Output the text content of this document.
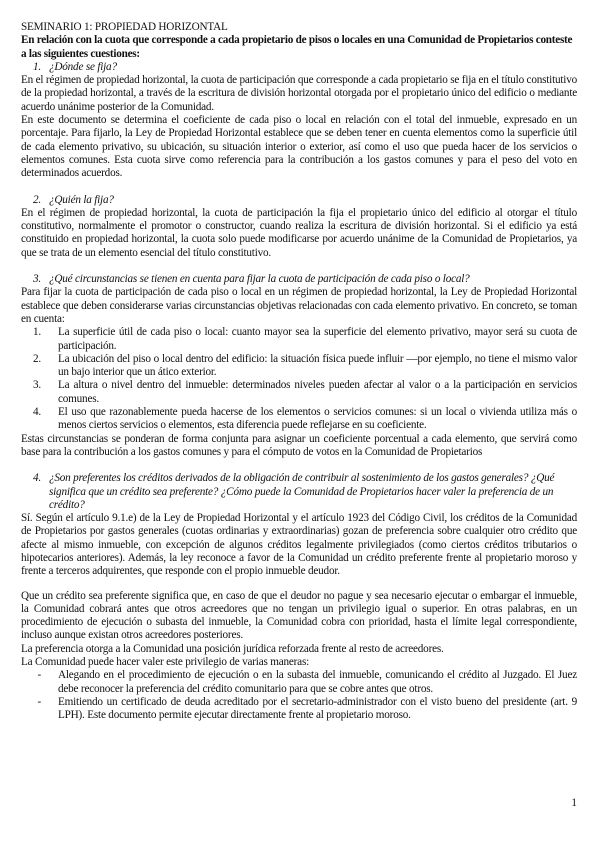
SEMINARIO 1: PROPIEDAD HORIZONTAL
En relación con la cuota que corresponde a cada propietario de pisos o locales en una Comunidad de Propietarios conteste a las siguientes cuestiones:
1. ¿Dónde se fija?
En el régimen de propiedad horizontal, la cuota de participación que corresponde a cada propietario se fija en el título constitutivo de la propiedad horizontal, a través de la escritura de división horizontal otorgada por el propietario único del edificio o mediante acuerdo unánime posterior de la Comunidad.
En este documento se determina el coeficiente de cada piso o local en relación con el total del inmueble, expresado en un porcentaje. Para fijarlo, la Ley de Propiedad Horizontal establece que se deben tener en cuenta elementos como la superficie útil de cada elemento privativo, su ubicación, su situación interior o exterior, así como el uso que pueda hacer de los servicios o elementos comunes. Esta cuota sirve como referencia para la contribución a los gastos comunes y para el peso del voto en determinados acuerdos.
2. ¿Quién la fija?
En el régimen de propiedad horizontal, la cuota de participación la fija el propietario único del edificio al otorgar el título constitutivo, normalmente el promotor o constructor, cuando realiza la escritura de división horizontal. Si el edificio ya está constituido en propiedad horizontal, la cuota solo puede modificarse por acuerdo unánime de la Comunidad de Propietarios, ya que se trata de un elemento esencial del título constitutivo.
3. ¿Qué circunstancias se tienen en cuenta para fijar la cuota de participación de cada piso o local?
Para fijar la cuota de participación de cada piso o local en un régimen de propiedad horizontal, la Ley de Propiedad Horizontal establece que deben considerarse varias circunstancias objetivas relacionadas con cada elemento privativo. En concreto, se toman en cuenta:
1.	La superficie útil de cada piso o local: cuanto mayor sea la superficie del elemento privativo, mayor será su cuota de participación.
2.	La ubicación del piso o local dentro del edificio: la situación física puede influir —por ejemplo, no tiene el mismo valor un bajo interior que un ático exterior.
3.	La altura o nivel dentro del inmueble: determinados niveles pueden afectar al valor o a la participación en servicios comunes.
4.	El uso que razonablemente pueda hacerse de los elementos o servicios comunes: si un local o vivienda utiliza más o menos ciertos servicios o elementos, esta diferencia puede reflejarse en su coeficiente.
Estas circunstancias se ponderan de forma conjunta para asignar un coeficiente porcentual a cada elemento, que servirá como base para la contribución a los gastos comunes y para el cómputo de votos en la Comunidad de Propietarios
4. ¿Son preferentes los créditos derivados de la obligación de contribuir al sostenimiento de los gastos generales? ¿Qué significa que un crédito sea preferente? ¿Cómo puede la Comunidad de Propietarios hacer valer la preferencia de un crédito?
Sí. Según el artículo 9.1.e) de la Ley de Propiedad Horizontal y el artículo 1923 del Código Civil, los créditos de la Comunidad de Propietarios por gastos generales (cuotas ordinarias y extraordinarias) gozan de preferencia sobre cualquier otro crédito que afecte al mismo inmueble, con excepción de algunos créditos legalmente privilegiados (como ciertos créditos tributarios o hipotecarios anteriores). Además, la ley reconoce a favor de la Comunidad un crédito preferente frente al propietario moroso y frente a terceros adquirentes, que responde con el propio inmueble deudor.
Que un crédito sea preferente significa que, en caso de que el deudor no pague y sea necesario ejecutar o embargar el inmueble, la Comunidad cobrará antes que otros acreedores que no tengan un privilegio igual o superior. En otras palabras, en un procedimiento de ejecución o subasta del inmueble, la Comunidad cobra con prioridad, hasta el límite legal correspondiente, incluso aunque existan otros acreedores posteriores.
La preferencia otorga a la Comunidad una posición jurídica reforzada frente al resto de acreedores.
La Comunidad puede hacer valer este privilegio de varias maneras:
-	Alegando en el procedimiento de ejecución o en la subasta del inmueble, comunicando el crédito al Juzgado. El Juez debe reconocer la preferencia del crédito comunitario para que se cobre antes que otros.
-	Emitiendo un certificado de deuda acreditado por el secretario-administrador con el visto bueno del presidente (art. 9 LPH). Este documento permite ejecutar directamente frente al propietario moroso.
1
